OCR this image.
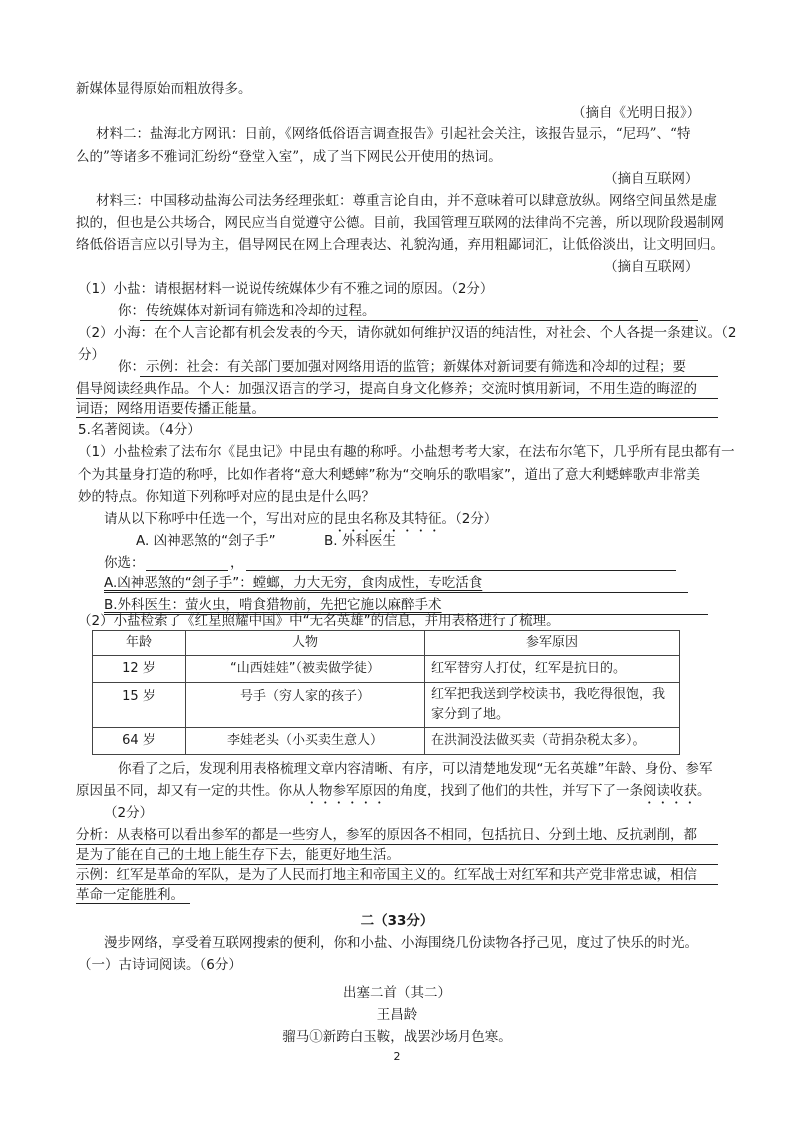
新媒体显得原始而粗放得多。
（摘自《光明日报》）
材料二：盐海北方网讯：日前，《网络低俗语言调查报告》引起社会关注，该报告显示，“尼玛”、“特
么的”等诸多不雅词汇纷纷“登堂入室”，成了当下网民公开使用的热词。
（摘自互联网）
材料三：中国移动盐海公司法务经理张虹：尊重言论自由，并不意味着可以肆意放纵。网络空间虽然是虚
拟的，但也是公共场合，网民应当自觉遵守公德。目前，我国管理互联网的法律尚不完善，所以现阶段遏制网
络低俗语言应以引导为主，倡导网民在网上合理表达、礼貌沟通，弃用粗鄙词汇，让低俗淡出，让文明回归。
（摘自互联网）
（1）小盐：请根据材料一说说传统媒体少有不雅之词的原因。（2分）
你： 传统媒体对新词有筛选和冷却的过程。
（2）小海：在个人言论都有机会发表的今天，请你就如何维护汉语的纯洁性，对社会、个人各提一条建议。（2
分）
你： 示例：社会：有关部门要加强对网络用语的监管；新媒体对新词要有筛选和冷却的过程；要
倡导阅读经典作品。个人：加强汉语言的学习，提高自身文化修养；交流时慎用新词，不用生造的晦涩的
词语；网络用语要传播正能量。
5.名著阅读。（4分）
（1）小盐检索了法布尔《昆虫记》中昆虫有趣的称呼。小盐想考考大家，在法布尔笔下，几乎所有昆虫都有一
个为其量身打造的称呼，比如作者将“意大利蟋蟀”称为“交响乐的歌唱家”，道出了意大利蟋蟀歌声非常美
妙的特点。你知道下列称呼对应的昆虫是什么吗？
请从以下称呼中任选一个，写出对应的昆虫名称及其特征。（2分）
A. 凶神恶煞的“刽子手”	B. 外科医生
你选：	，
A.凶神恶煞的“刽子手”：螳螂，力大无穷，食肉成性，专吃活食
B.外科医生：萤火虫，啃食猎物前，先把它施以麻醉手术
（2）小盐检索了《红星照耀中国》中“无名英雄”的信息，并用表格进行了梳理。
年龄	人物	参军原因
12 岁	“山西娃娃”（被卖做学徒）	红军替穷人打仗，红军是抗日的。
15 岁	号手（穷人家的孩子）	红军把我送到学校读书，我吃得很饱，我
家分到了地。
64 岁	李娃老头（小买卖生意人）	在洪洞没法做买卖（苛捐杂税太多）。
你看了之后，发现利用表格梳理文章内容清晰、有序，可以清楚地发现“无名英雄”年龄、身份、参军
原因虽不同，却又有一定的共性。你从人物参军原因的角度，找到了他们的共性，并写下了一条阅读收获。
（2分）
分析：从表格可以看出参军的都是一些穷人，参军的原因各不相同，包括抗日、分到土地、反抗剥削，都
是为了能在自己的土地上能生存下去，能更好地生活。
示例：红军是革命的军队，是为了人民而打地主和帝国主义的。红军战士对红军和共产党非常忠诚，相信
革命一定能胜利。
二（33分）
漫步网络，享受着互联网搜索的便利，你和小盐、小海围绕几份读物各抒己见，度过了快乐的时光。
（一）古诗词阅读。（6分）
出塞二首（其二）
王昌龄
骝马①新跨白玉鞍，战罢沙场月色寒。
2
